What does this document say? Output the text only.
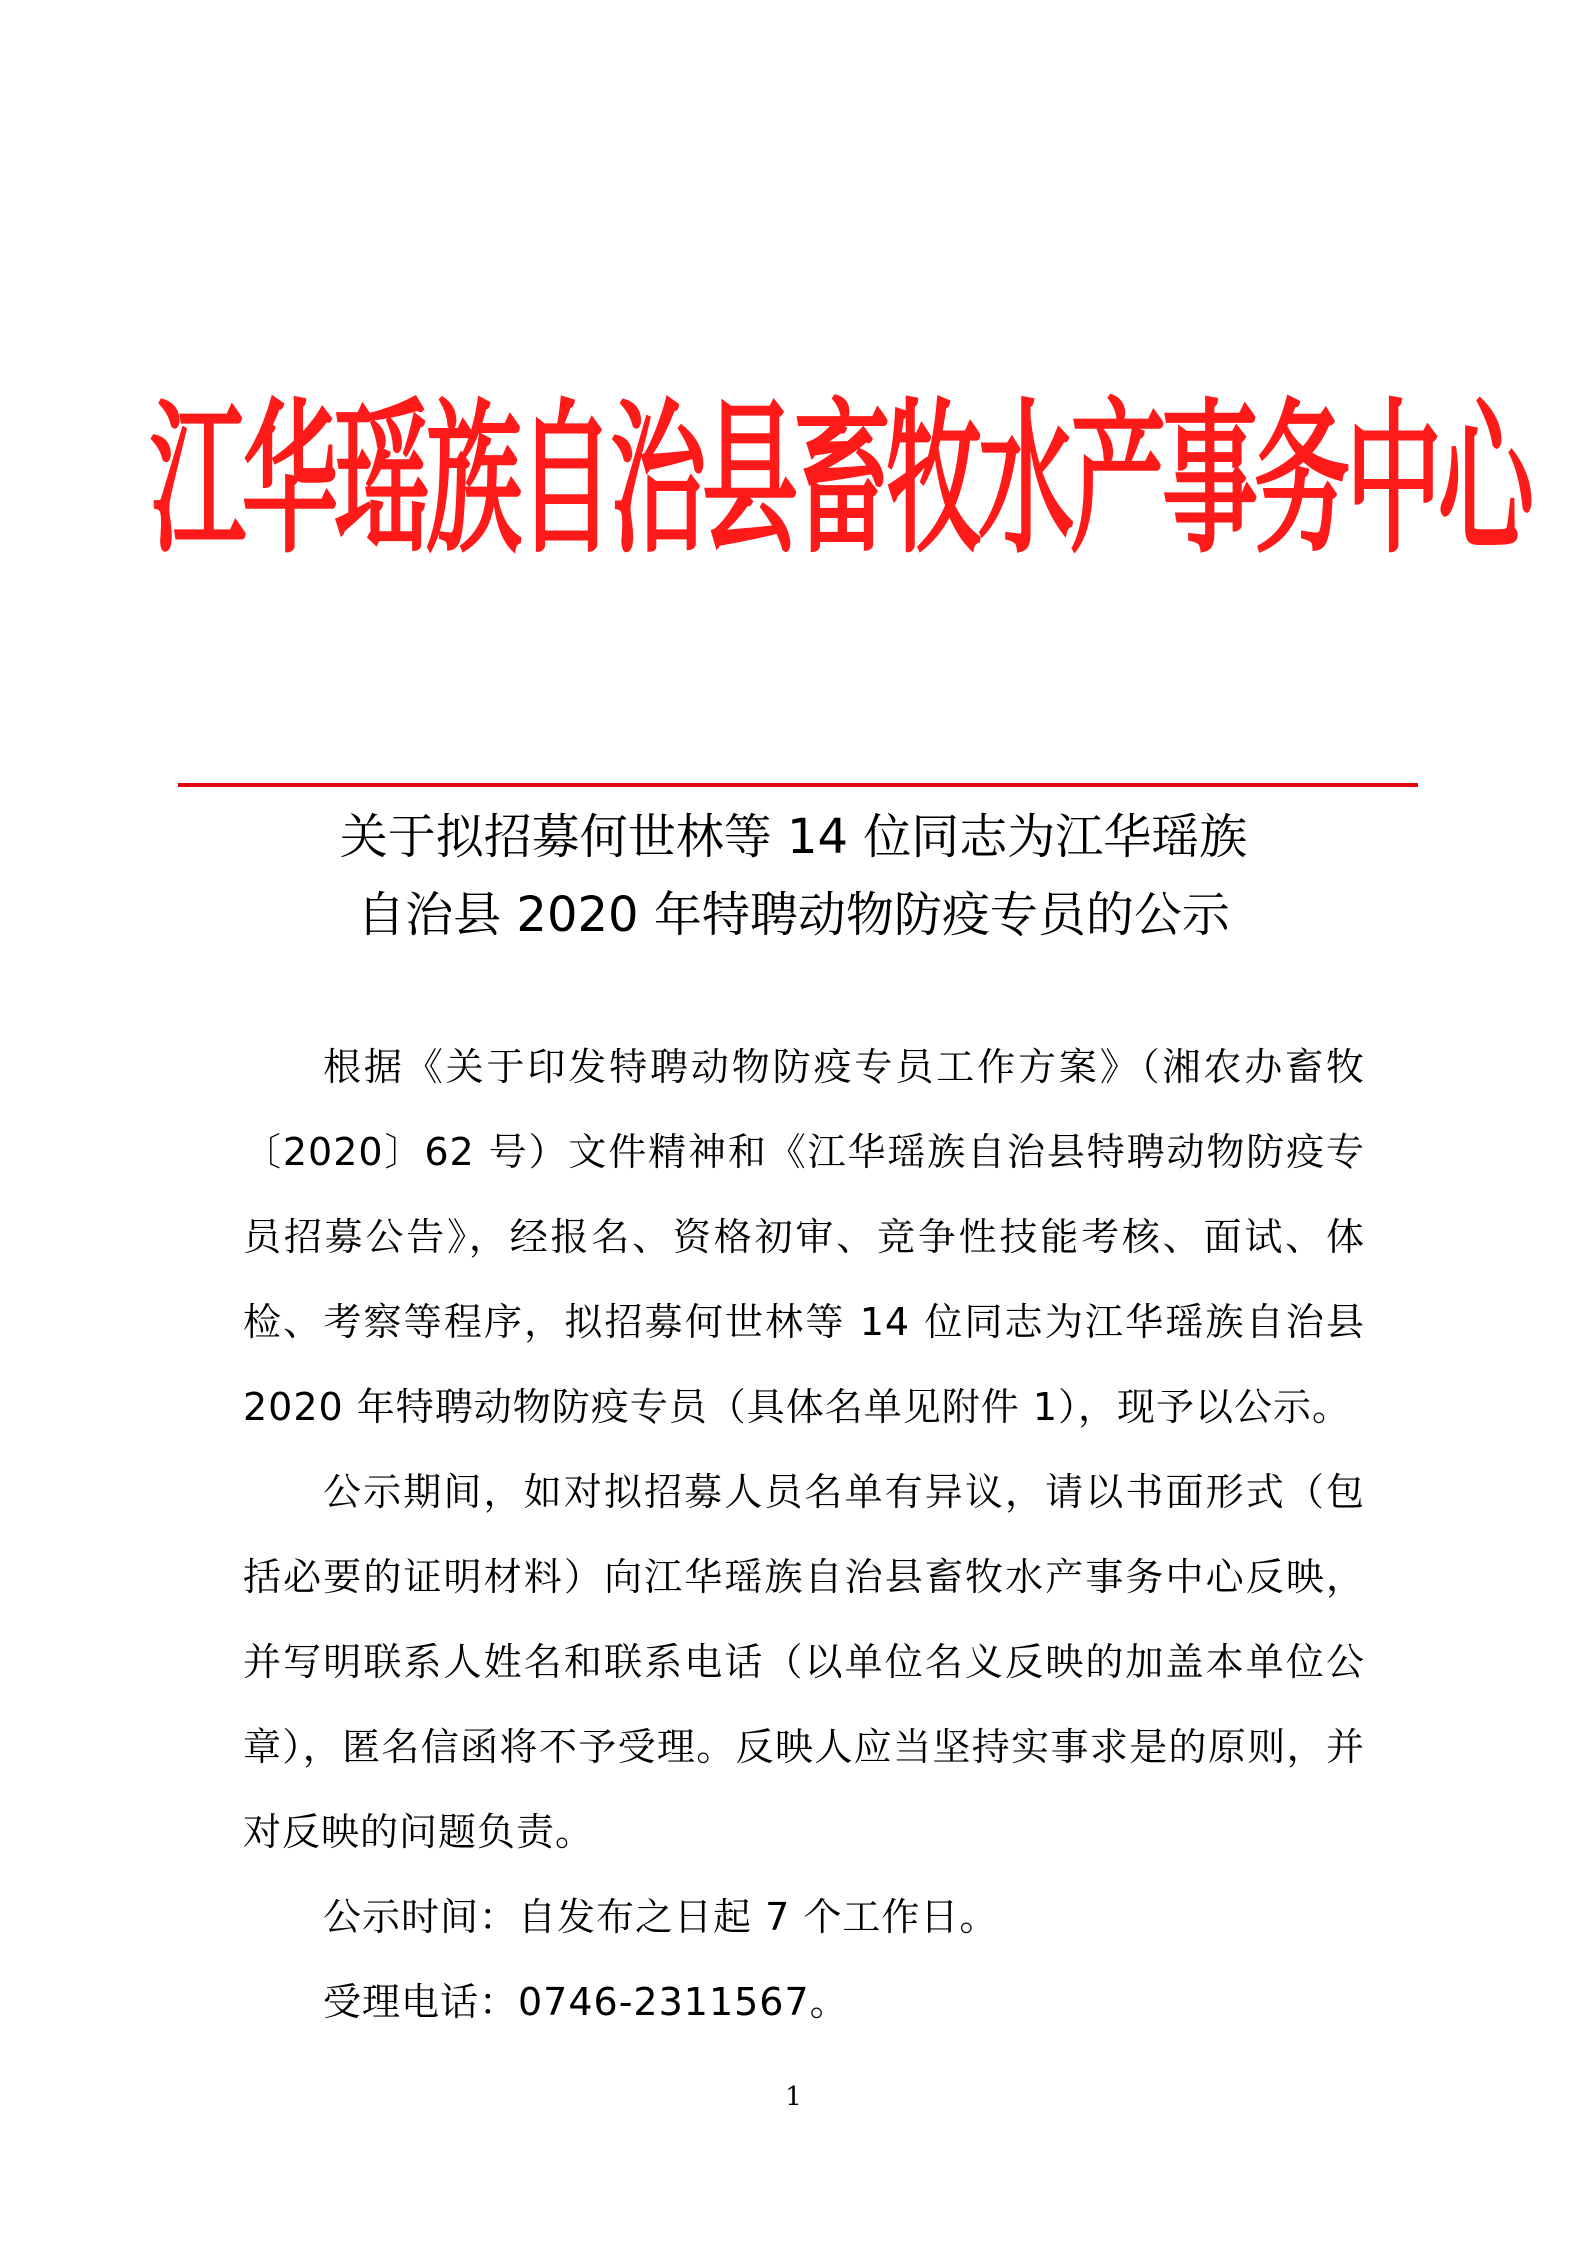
江华瑶族自治县畜牧水产事务中心
关于拟招募何世林等 14 位同志为江华瑶族
自治县 2020 年特聘动物防疫专员的公示

根据《关于印发特聘动物防疫专员工作方案》（湘农办畜牧〔2020〕62 号）文件精神和《江华瑶族自治县特聘动物防疫专员招募公告》，经报名、资格初审、竞争性技能考核、面试、体检、考察等程序，拟招募何世林等 14 位同志为江华瑶族自治县 2020 年特聘动物防疫专员（具体名单见附件 1），现予以公示。

公示期间，如对拟招募人员名单有异议，请以书面形式（包括必要的证明材料）向江华瑶族自治县畜牧水产事务中心反映，并写明联系人姓名和联系电话（以单位名义反映的加盖本单位公章），匿名信函将不予受理。反映人应当坚持实事求是的原则，并对反映的问题负责。

公示时间：自发布之日起 7 个工作日。

受理电话：0746-2311567。

1
